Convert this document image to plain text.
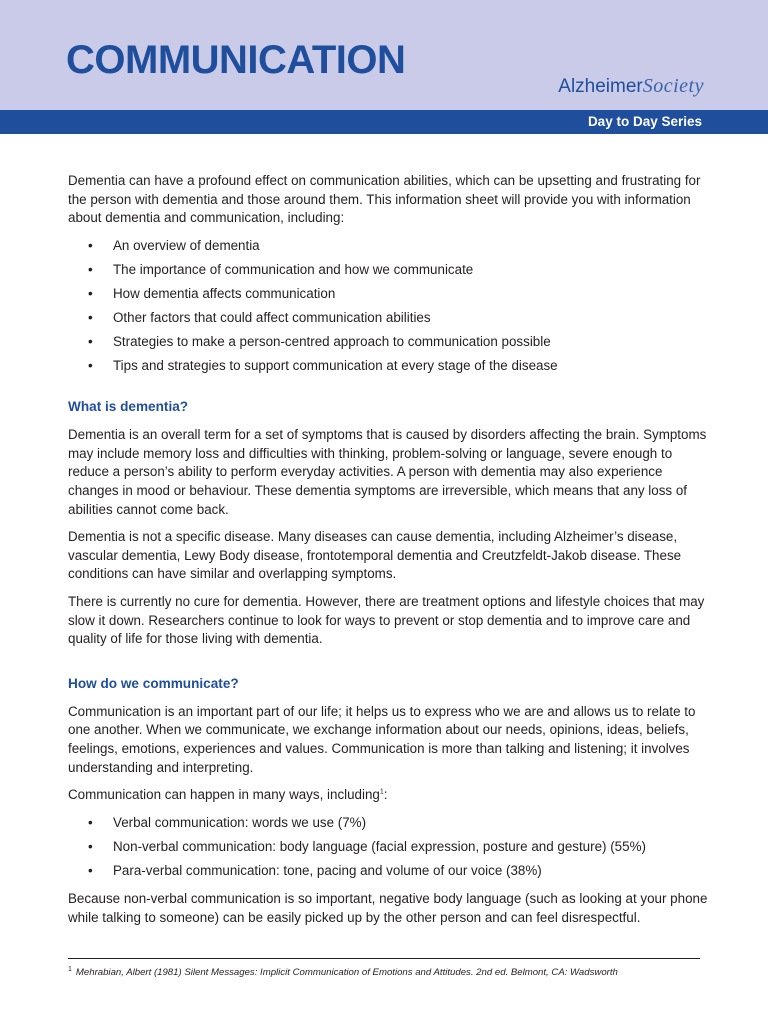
COMMUNICATION
AlzheimerSociety
Day to Day Series

Dementia can have a profound effect on communication abilities, which can be upsetting and frustrating for the person with dementia and those around them. This information sheet will provide you with information about dementia and communication, including:

• An overview of dementia
• The importance of communication and how we communicate
• How dementia affects communication
• Other factors that could affect communication abilities
• Strategies to make a person-centred approach to communication possible
• Tips and strategies to support communication at every stage of the disease
What is dementia?

Dementia is an overall term for a set of symptoms that is caused by disorders affecting the brain. Symptoms may include memory loss and difficulties with thinking, problem-solving or language, severe enough to reduce a person’s ability to perform everyday activities. A person with dementia may also experience changes in mood or behaviour. These dementia symptoms are irreversible, which means that any loss of abilities cannot come back.

Dementia is not a specific disease. Many diseases can cause dementia, including Alzheimer’s disease, vascular dementia, Lewy Body disease, frontotemporal dementia and Creutzfeldt-Jakob disease. These conditions can have similar and overlapping symptoms.

There is currently no cure for dementia. However, there are treatment options and lifestyle choices that may slow it down. Researchers continue to look for ways to prevent or stop dementia and to improve care and quality of life for those living with dementia.

How do we communicate?

Communication is an important part of our life; it helps us to express who we are and allows us to relate to one another. When we communicate, we exchange information about our needs, opinions, ideas, beliefs, feelings, emotions, experiences and values. Communication is more than talking and listening; it involves understanding and interpreting.

Communication can happen in many ways, including$^1$:

• Verbal communication: words we use (7%)
• Non-verbal communication: body language (facial expression, posture and gesture) (55%)
• Para-verbal communication: tone, pacing and volume of our voice (38%)

Because non-verbal communication is so important, negative body language (such as looking at your phone while talking to someone) can be easily picked up by the other person and can feel disrespectful.

$^1$ Mehrabian, Albert (1981) Silent Messages: Implicit Communication of Emotions and Attitudes. 2nd ed. Belmont, CA: Wadsworth
